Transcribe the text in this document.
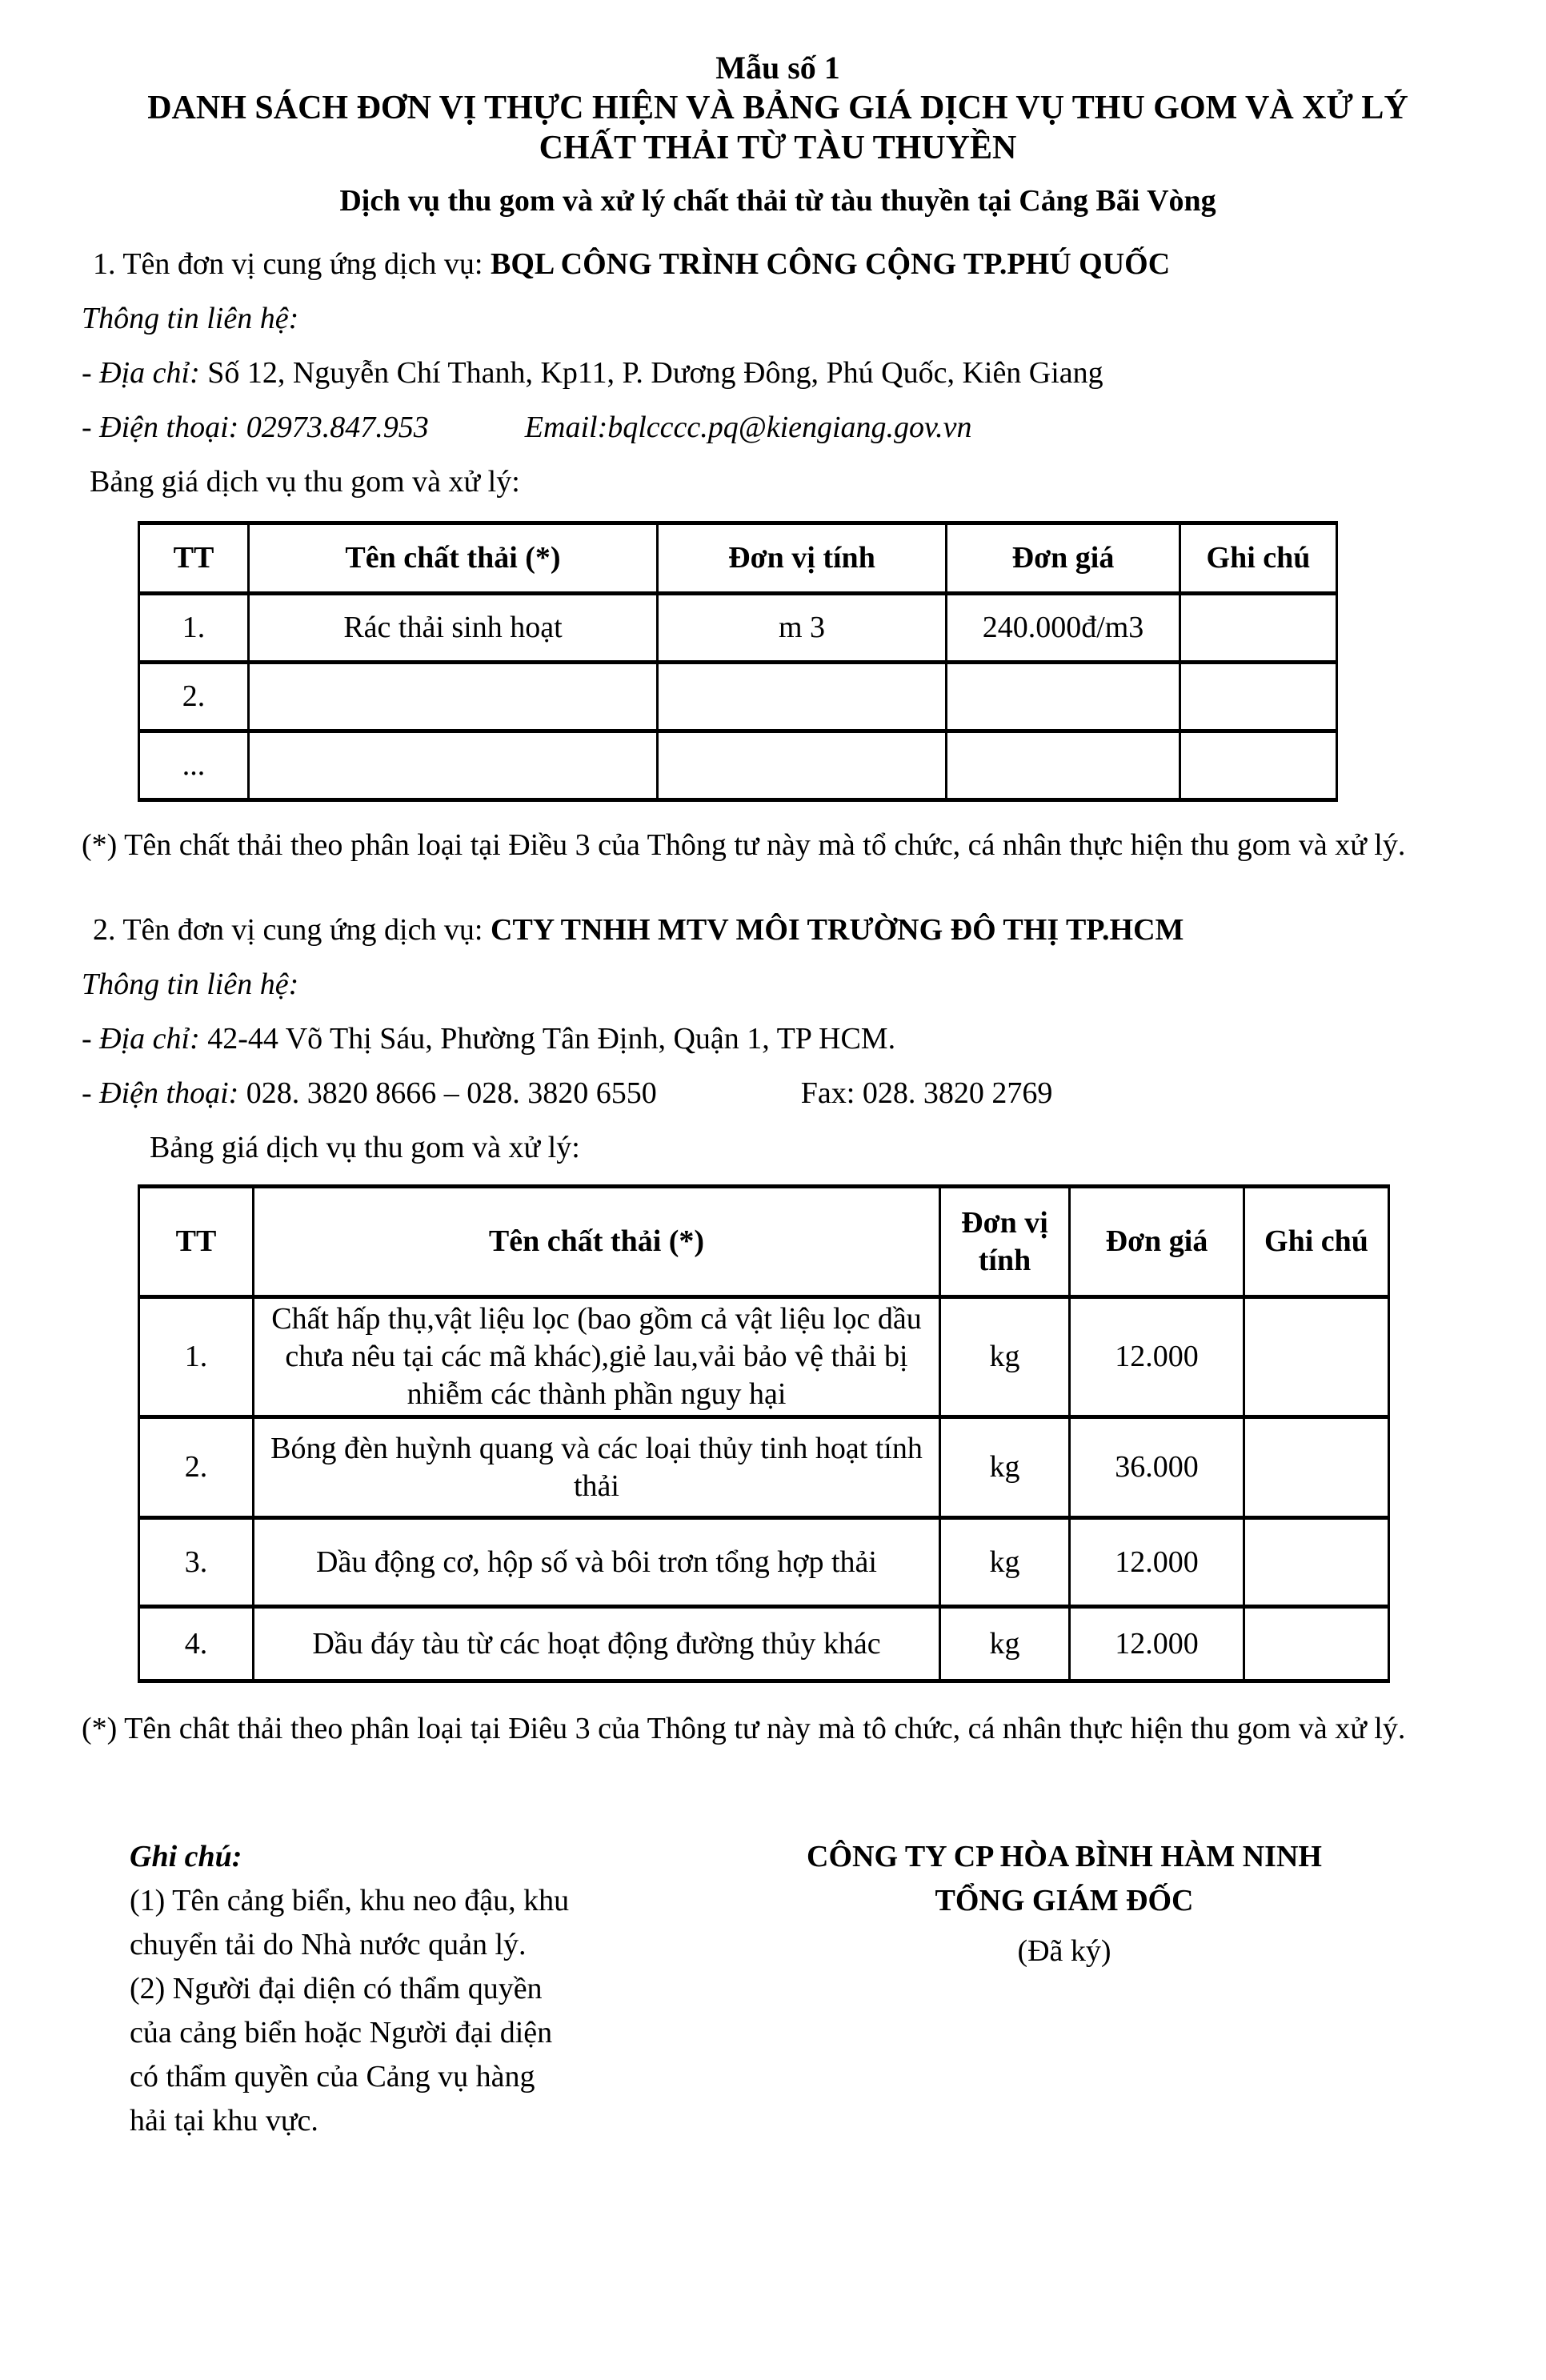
Mẫu số 1
DANH SÁCH ĐƠN VỊ THỰC HIỆN VÀ BẢNG GIÁ DỊCH VỤ THU GOM VÀ XỬ LÝ
CHẤT THẢI TỪ TÀU THUYỀN
Dịch vụ thu gom và xử lý chất thải từ tàu thuyền tại Cảng Bãi Vòng

1. Tên đơn vị cung ứng dịch vụ: BQL CÔNG TRÌNH CÔNG CỘNG TP.PHÚ QUỐC

Thông tin liên hệ:

- Địa chỉ: Số 12, Nguyễn Chí Thanh, Kp11, P. Dương Đông, Phú Quốc, Kiên Giang

- Điện thoại: 02973.847.953	Email:bqlcccc.pq@kiengiang.gov.vn

Bảng giá dịch vụ thu gom và xử lý:

TT	Tên chất thải (*)	Đơn vị tính	Đơn giá	Ghi chú
1.	Rác thải sinh hoạt	m 3	240.000đ/m3	
2.				
...				

(*) Tên chất thải theo phân loại tại Điều 3 của Thông tư này mà tổ chức, cá nhân thực hiện thu gom và xử lý.

2. Tên đơn vị cung ứng dịch vụ: CTY TNHH MTV MÔI TRƯỜNG ĐÔ THỊ TP.HCM

Thông tin liên hệ:

- Địa chỉ: 42-44 Võ Thị Sáu, Phường Tân Định, Quận 1, TP HCM.

- Điện thoại: 028. 3820 8666 – 028. 3820 6550	Fax: 028. 3820 2769

Bảng giá dịch vụ thu gom và xử lý:

TT	Tên chất thải (*)	Đơn vị tính	Đơn giá	Ghi chú
1.	Chất hấp thụ,vật liệu lọc (bao gồm cả vật liệu lọc dầu chưa nêu tại các mã khác),giẻ lau,vải bảo vệ thải bị nhiễm các thành phần nguy hại	kg	12.000	
2.	Bóng đèn huỳnh quang và các loại thủy tinh hoạt tính thải	kg	36.000	
3.	Dầu động cơ, hộp số và bôi trơn tổng hợp thải	kg	12.000	
4.	Dầu đáy tàu từ các hoạt động đường thủy khác	kg	12.000	

(*) Tên chât thải theo phân loại tại Điêu 3 của Thông tư này mà tô chức, cá nhân thực hiện thu gom và xử lý.

Ghi chú:

(1) Tên cảng biển, khu neo đậu, khu chuyển tải do Nhà nước quản lý.

(2) Người đại diện có thẩm quyền của cảng biển hoặc Người đại diện có thẩm quyền của Cảng vụ hàng hải tại khu vực.

CÔNG TY CP HÒA BÌNH HÀM NINH
TỔNG GIÁM ĐỐC
(Đã ký)
